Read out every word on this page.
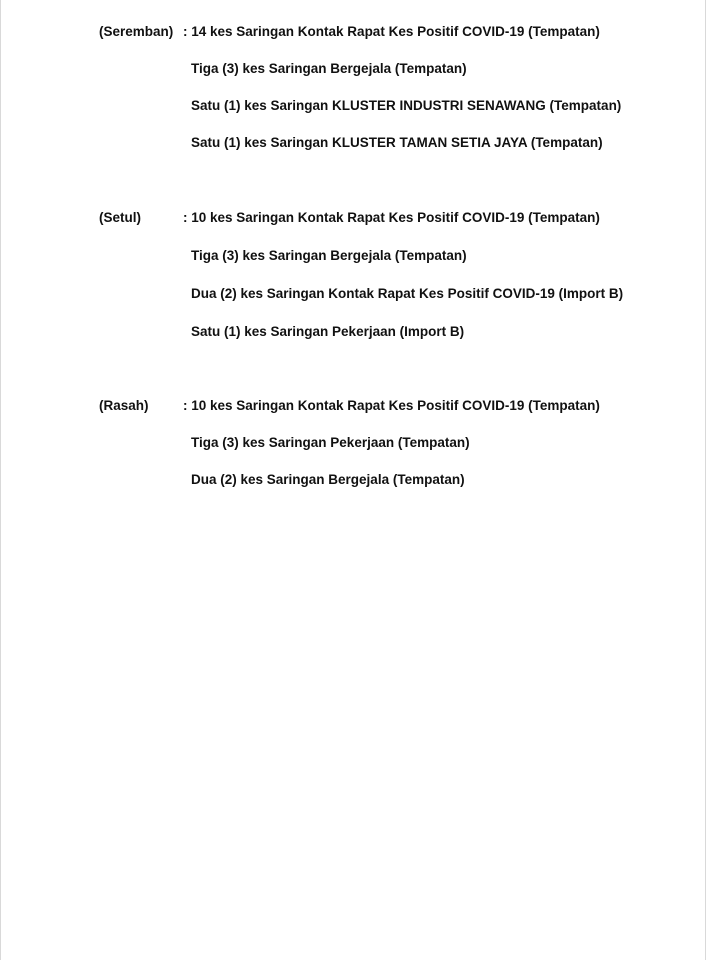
(Seremban) : 14 kes Saringan Kontak Rapat Kes Positif COVID-19 (Tempatan)
Tiga (3) kes Saringan Bergejala (Tempatan)
Satu (1) kes Saringan KLUSTER INDUSTRI SENAWANG (Tempatan)
Satu (1) kes Saringan KLUSTER TAMAN SETIA JAYA (Tempatan)
(Setul)	: 10 kes Saringan Kontak Rapat Kes Positif COVID-19 (Tempatan)
Tiga (3) kes Saringan Bergejala (Tempatan)
Dua (2) kes Saringan Kontak Rapat Kes Positif COVID-19 (Import B)
Satu (1) kes Saringan Pekerjaan (Import B)
(Rasah)	: 10 kes Saringan Kontak Rapat Kes Positif COVID-19 (Tempatan)
Tiga (3) kes Saringan Pekerjaan (Tempatan)
Dua (2) kes Saringan Bergejala (Tempatan)
